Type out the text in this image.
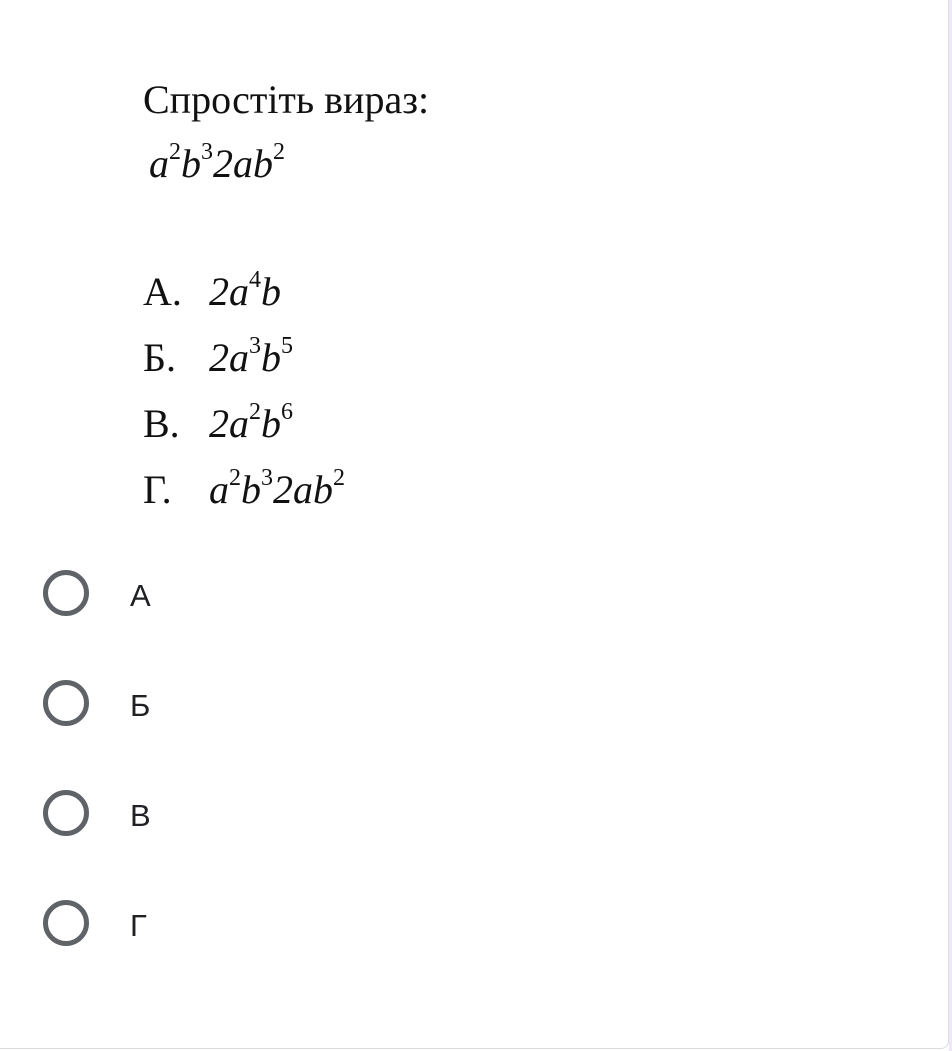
Спростіть вираз:
$a^2b^32ab^2$
А. $2a^4b$
Б. $2a^3b^5$
В. $2a^2b^6$
Г. $a^2b^32ab^2$
А
Б
В
Г
